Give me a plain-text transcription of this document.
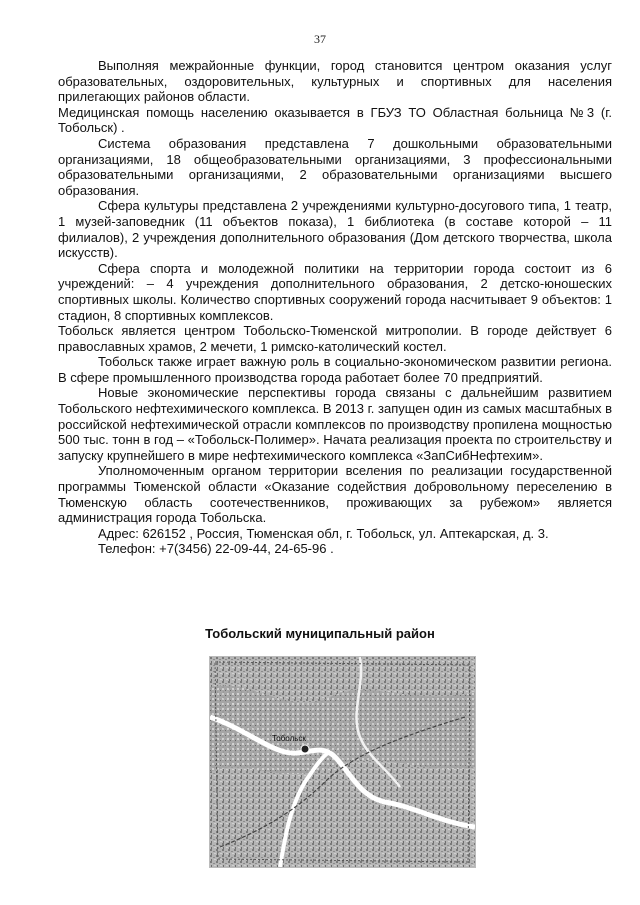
37

Выполняя межрайонные функции, город становится центром оказания услуг образовательных, оздоровительных, культурных и спортивных для населения прилегающих районов области.

Медицинская помощь населению оказывается в ГБУЗ ТО Областная больница №3 (г. Тобольск) .

Система образования представлена 7 дошкольными образовательными организациями, 18 общеобразовательными организациями, 3 профессиональными образовательными организациями, 2 образовательными организациями высшего образования.

Сфера культуры представлена 2 учреждениями культурно-досугового типа, 1 театр, 1 музей-заповедник (11 объектов показа), 1 библиотека (в составе которой – 11 филиалов), 2 учреждения дополнительного образования (Дом детского творчества, школа искусств).

Сфера спорта и молодежной политики на территории города состоит из 6 учреждений: – 4 учреждения дополнительного образования, 2 детско-юношеских спортивных школы. Количество спортивных сооружений города насчитывает 9 объектов: 1 стадион, 8 спортивных комплексов.

Тобольск является центром Тобольско-Тюменской митрополии. В городе действует 6 православных храмов, 2 мечети, 1 римско-католический костел.

Тобольск также играет важную роль в социально-экономическом развитии региона. В сфере промышленного производства города работает более 70 предприятий.

Новые экономические перспективы города связаны с дальнейшим развитием Тобольского нефтехимического комплекса. В 2013 г. запущен один из самых масштабных в российской нефтехимической отрасли комплексов по производству пропилена мощностью 500 тыс. тонн в год – «Тобольск-Полимер». Начата реализация проекта по строительству и запуску крупнейшего в мире нефтехимического комплекса «ЗапСибНефтехим».

Уполномоченным органом территории вселения по реализации государственной программы Тюменской области «Оказание содействия добровольному переселению в Тюменскую область соотечественников, проживающих за рубежом» является администрация города Тобольска.

Адрес: 626152 , Россия, Тюменская обл, г. Тобольск, ул. Аптекарская, д. 3.

Телефон: +7(3456) 22-09-44, 24-65-96 .

Тобольский муниципальный район
Тобольск
